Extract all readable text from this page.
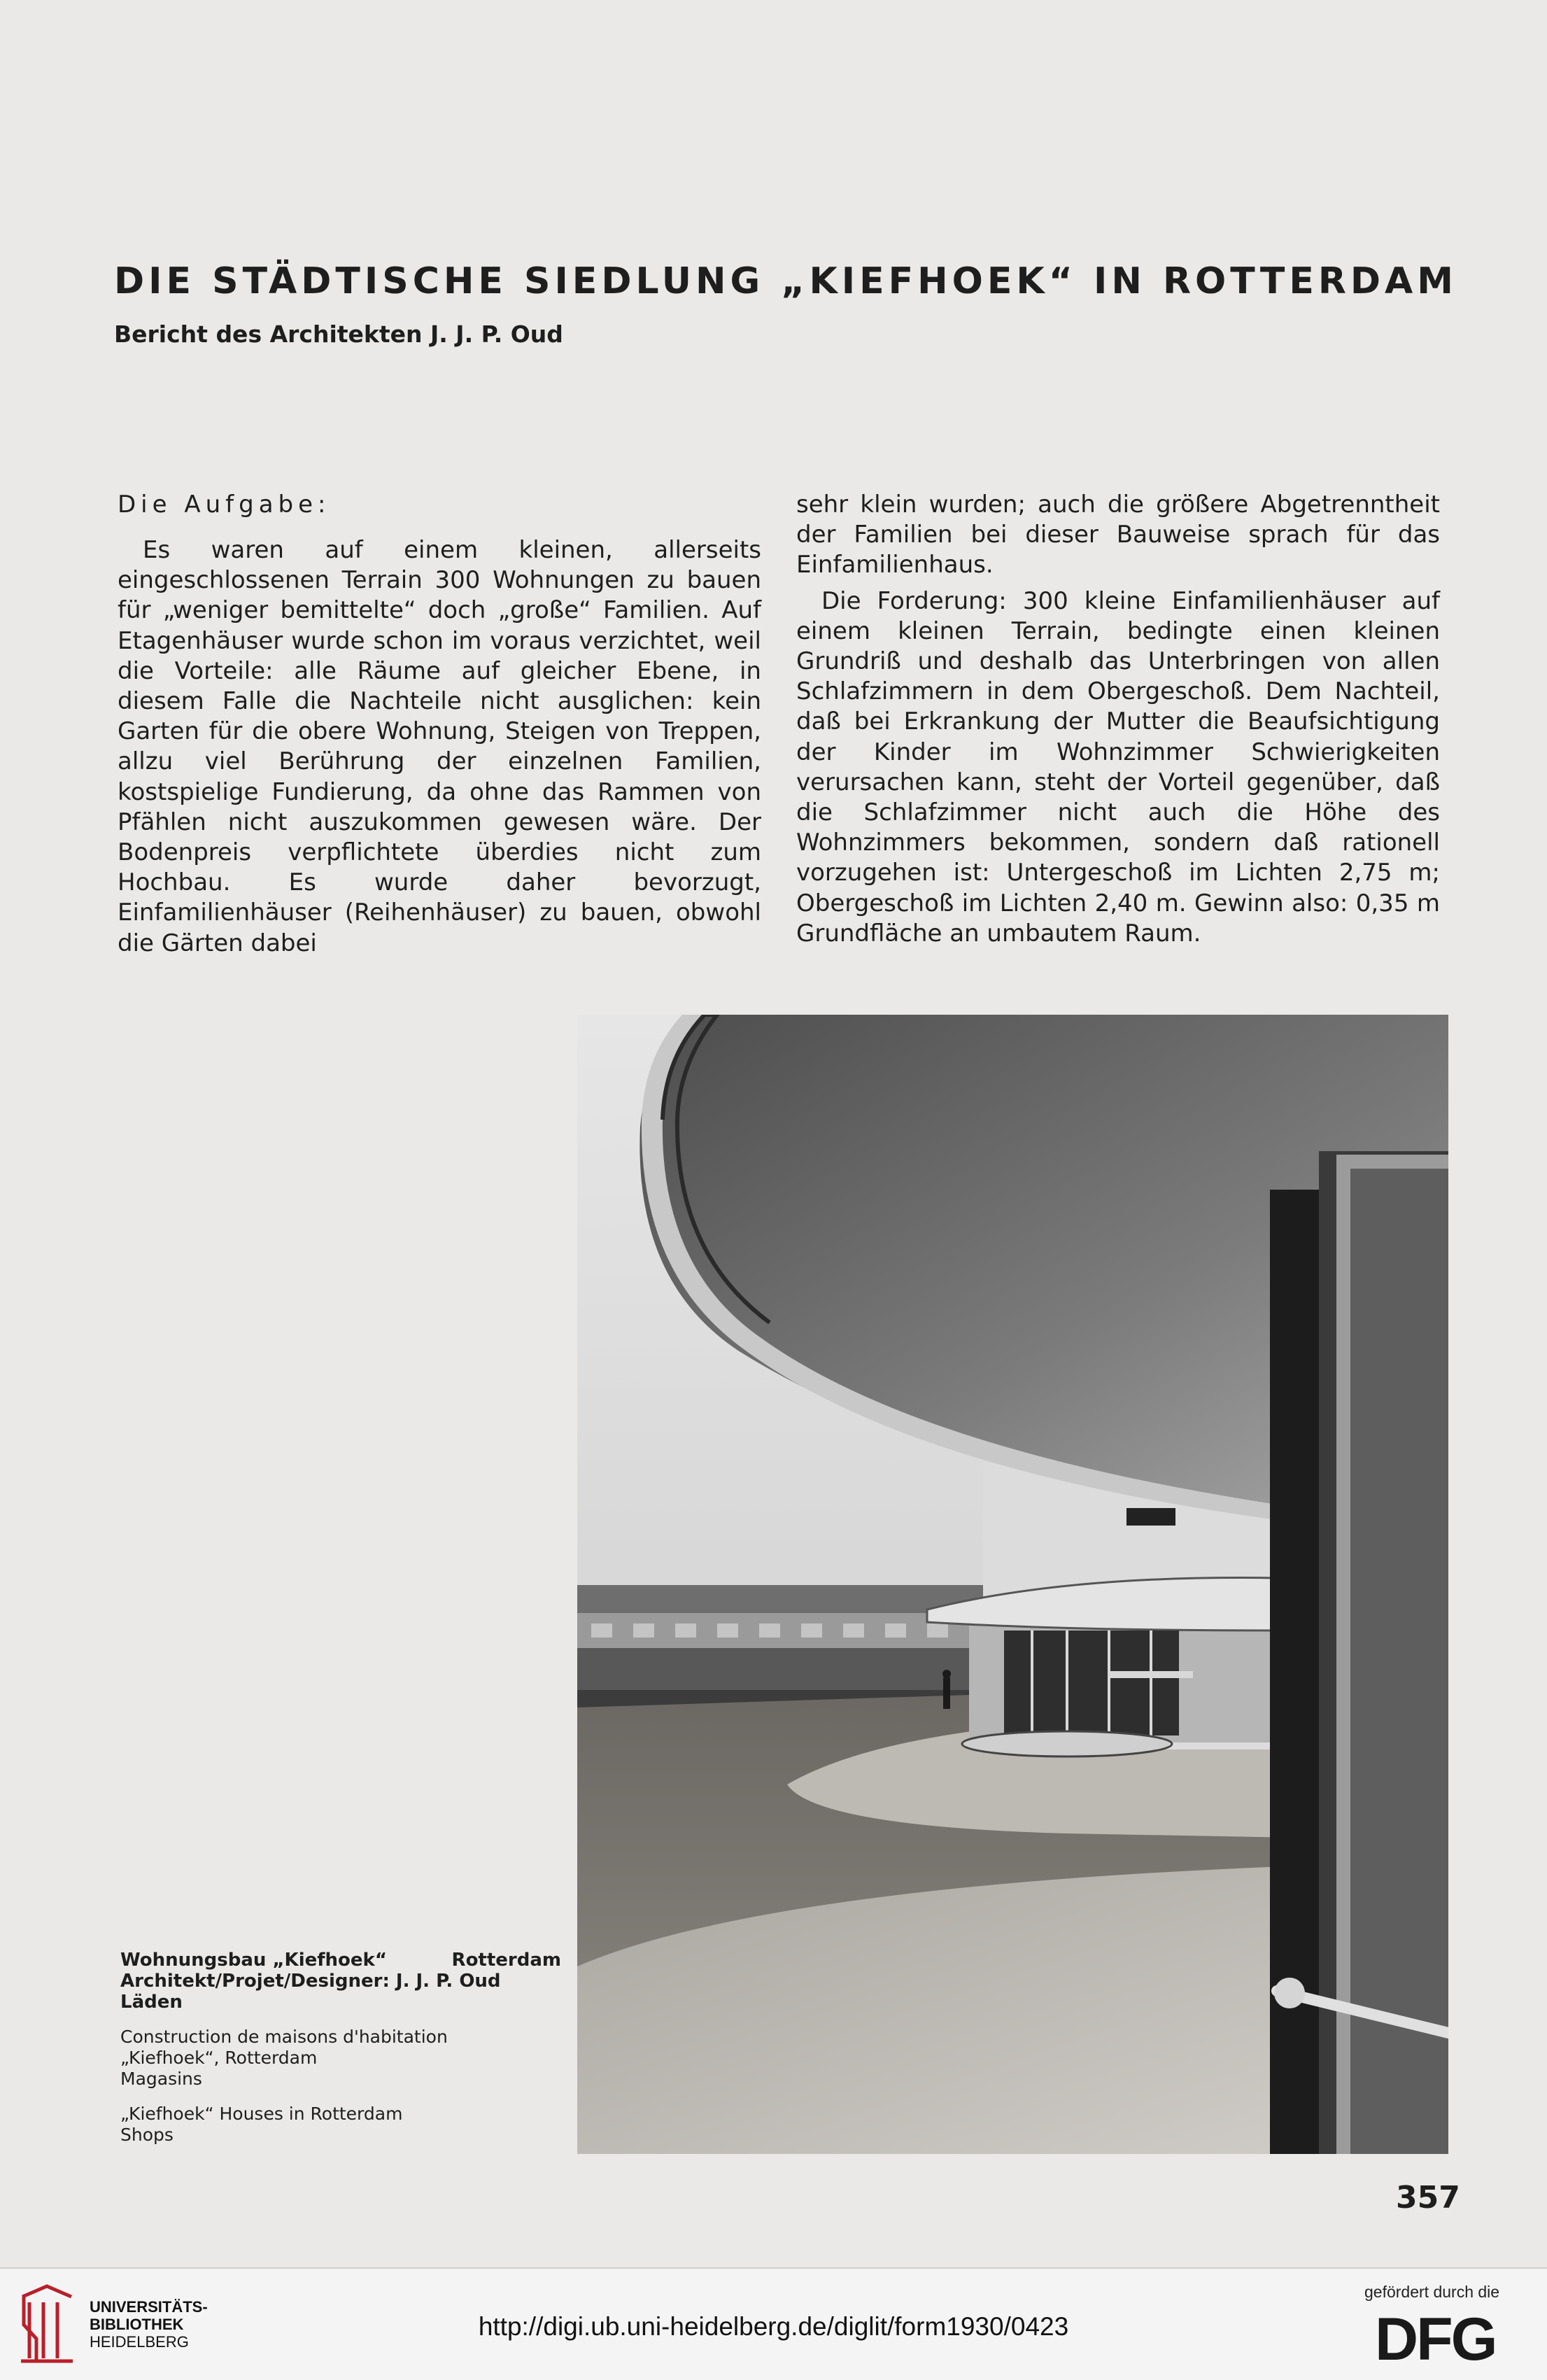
DIE STÄDTISCHE SIEDLUNG „KIEFHOEK“ IN ROTTERDAM
Bericht des Architekten J. J. P. Oud
Die Aufgabe:

Es waren auf einem kleinen, allerseits eingeschlossenen Terrain 300 Wohnungen zu bauen für „weniger bemittelte“ doch „große“ Familien. Auf Etagenhäuser wurde schon im voraus verzichtet, weil die Vorteile: alle Räume auf gleicher Ebene, in diesem Falle die Nachteile nicht ausglichen: kein Garten für die obere Wohnung, Steigen von Treppen, allzu viel Berührung der einzelnen Familien, kostspielige Fundierung, da ohne das Rammen von Pfählen nicht auszukommen gewesen wäre. Der Bodenpreis verpflichtete überdies nicht zum Hochbau. Es wurde daher bevorzugt, Einfamilienhäuser (Reihenhäuser) zu bauen, obwohl die Gärten dabei

sehr klein wurden; auch die größere Abgetrenntheit der Familien bei dieser Bauweise sprach für das Einfamilienhaus.

Die Forderung: 300 kleine Einfamilienhäuser auf einem kleinen Terrain, bedingte einen kleinen Grundriß und deshalb das Unterbringen von allen Schlafzimmern in dem Obergeschoß. Dem Nachteil, daß bei Erkrankung der Mutter die Beaufsichtigung der Kinder im Wohnzimmer Schwierigkeiten verursachen kann, steht der Vorteil gegenüber, daß die Schlafzimmer nicht auch die Höhe des Wohnzimmers bekommen, sondern daß rationell vorzugehen ist: Untergeschoß im Lichten 2,75 m; Obergeschoß im Lichten 2,40 m. Gewinn also: 0,35 m Grundfläche an umbautem Raum.

Wohnungsbau „Kiefhoek“	Rotterdam
Architekt/Projet/Designer: J. J. P. Oud
Läden
Construction de maisons d'habitation
„Kiefhoek“, Rotterdam
Magasins
„Kiefhoek“ Houses in Rotterdam
Shops
357
UNIVERSITÄTS-
BIBLIOTHEK
HEIDELBERG
http://digi.ub.uni-heidelberg.de/diglit/form1930/0423
gefördert durch die
DFG
